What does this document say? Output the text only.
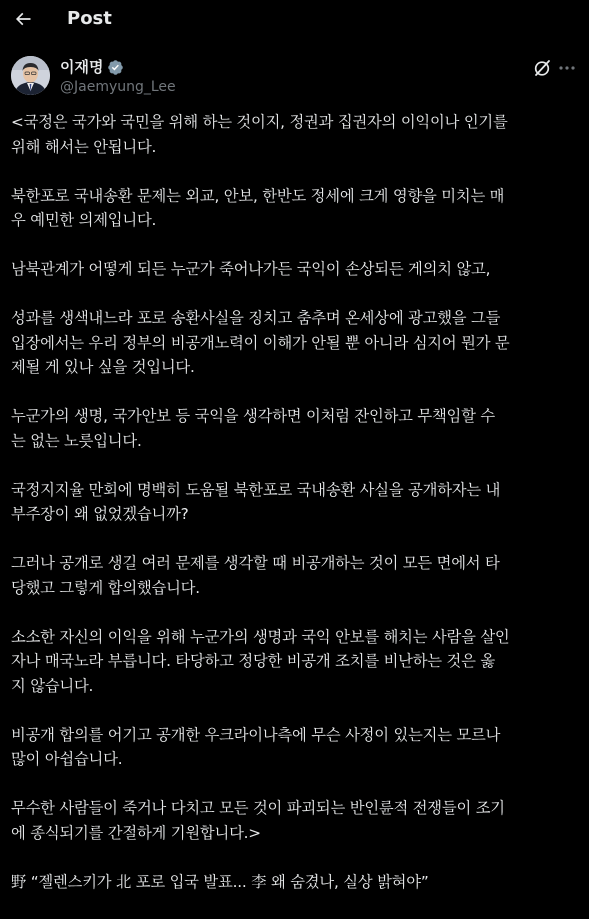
Post
이재명
@Jaemyung_Lee

<국정은 국가와 국민을 위해 하는 것이지, 정권과 집권자의 이익이나 인기를
위해 해서는 안됩니다.

북한포로 국내송환 문제는 외교, 안보, 한반도 정세에 크게 영향을 미치는 매
우 예민한 의제입니다.

남북관계가 어떻게 되든 누군가 죽어나가든 국익이 손상되든 게의치 않고,

성과를 생색내느라 포로 송환사실을 징치고 춤추며 온세상에 광고했을 그들
입장에서는 우리 정부의 비공개노력이 이해가 안될 뿐 아니라 심지어 뭔가 문
제될 게 있나 싶을 것입니다.

누군가의 생명, 국가안보 등 국익을 생각하면 이처럼 잔인하고 무책임할 수
는 없는 노릇입니다.

국정지지율 만회에 명백히 도움될 북한포로 국내송환 사실을 공개하자는 내
부주장이 왜 없었겠습니까?

그러나 공개로 생길 여러 문제를 생각할 때 비공개하는 것이 모든 면에서 타
당했고 그렇게 합의했습니다.

소소한 자신의 이익을 위해 누군가의 생명과 국익 안보를 해치는 사람을 살인
자나 매국노라 부릅니다. 타당하고 정당한 비공개 조치를 비난하는 것은 옳
지 않습니다.

비공개 합의를 어기고 공개한 우크라이나측에 무슨 사정이 있는지는 모르나
많이 아쉽습니다.

무수한 사람들이 죽거나 다치고 모든 것이 파괴되는 반인륜적 전쟁들이 조기
에 종식되기를 간절하게 기원합니다.>

野 “젤렌스키가 北 포로 입국 발표... 李 왜 숨겼나, 실상 밝혀야”
